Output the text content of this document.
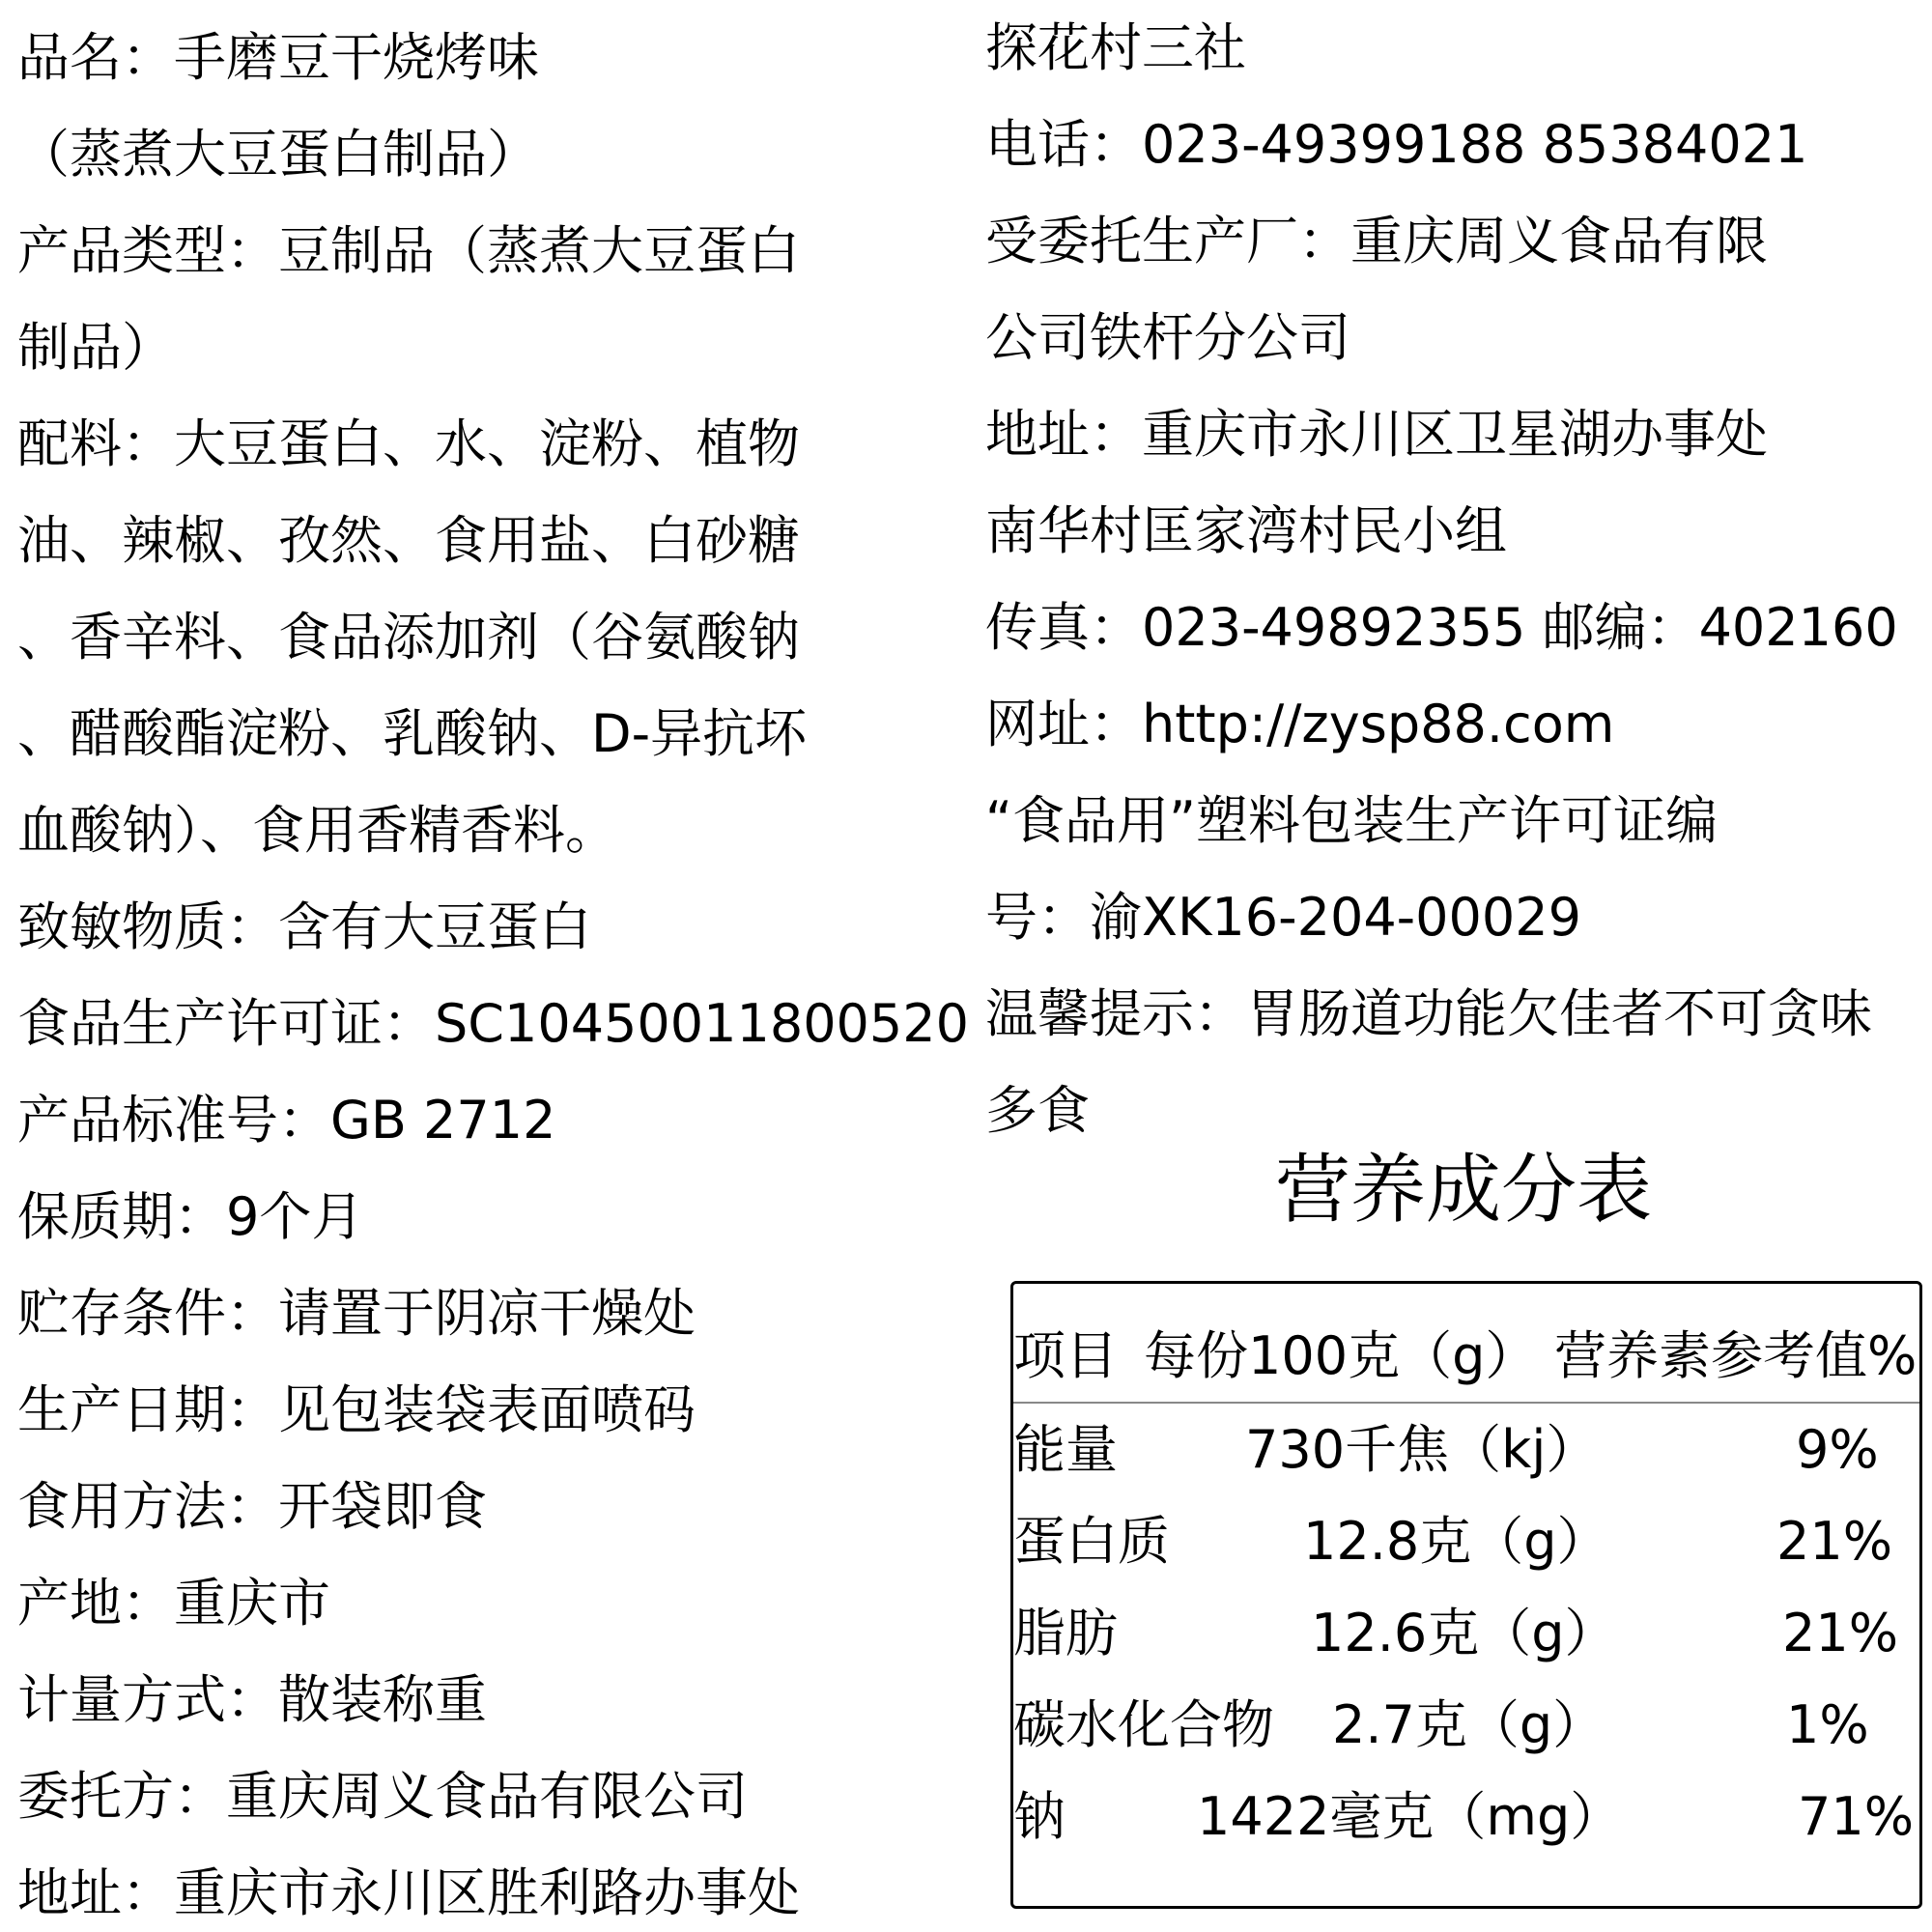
品名：手磨豆干烧烤味
（蒸煮大豆蛋白制品）
产品类型：豆制品（蒸煮大豆蛋白
制品）
配料：大豆蛋白、水、淀粉、植物
油、辣椒、孜然、食用盐、白砂糖
、香辛料、食品添加剂（谷氨酸钠
、醋酸酯淀粉、乳酸钠、D-异抗坏
血酸钠）、食用香精香料。
致敏物质：含有大豆蛋白
食品生产许可证：SC10450011800520
产品标准号：GB 2712
保质期：9个月
贮存条件：请置于阴凉干燥处
生产日期：见包装袋表面喷码
食用方法：开袋即食
产地：重庆市
计量方式：散装称重
委托方：重庆周义食品有限公司
地址：重庆市永川区胜利路办事处
探花村三社
电话：023-49399188 85384021
受委托生产厂：重庆周义食品有限
公司铁杆分公司
地址：重庆市永川区卫星湖办事处
南华村匡家湾村民小组
传真：023-49892355 邮编：402160
网址：http://zysp88.com
“食品用”塑料包装生产许可证编
号：渝XK16-204-00029
温馨提示：胃肠道功能欠佳者不可贪味
多食
营养成分表
项目 每份100克（g） 营养素参考值%
能量 730千焦（kj）	9%
蛋白质	12.8克（g）	21%
脂肪	12.6克（g）	21%
碳水化合物 2.7克（g）	1%
钠	1422毫克（mg）	71%
